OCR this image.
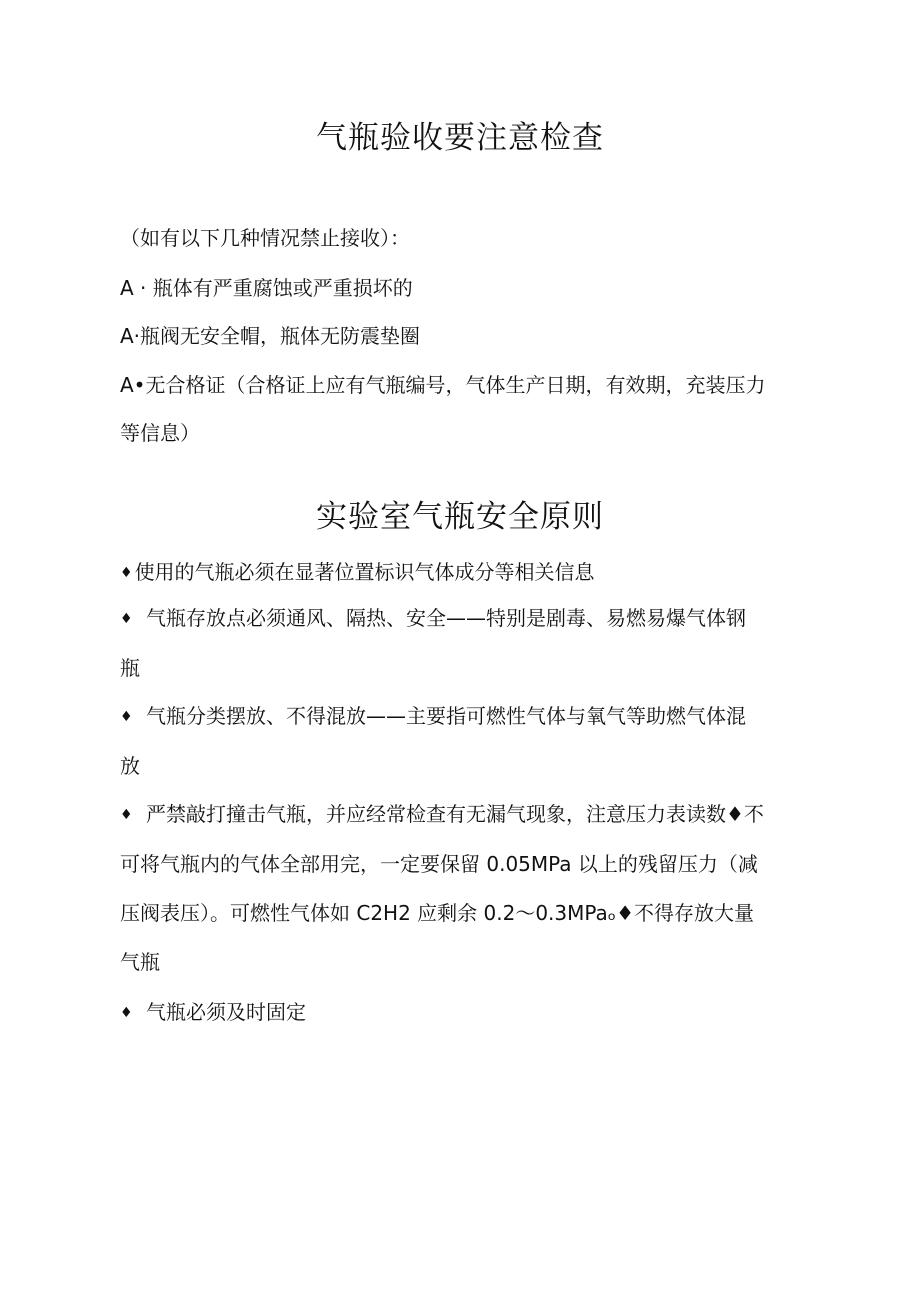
气瓶验收要注意检查

（如有以下几种情况禁止接收）：

A · 瓶体有严重腐蚀或严重损坏的

A·瓶阀无安全帽，瓶体无防震垫圈

A•无合格证（合格证上应有气瓶编号，气体生产日期，有效期，充装压力

等信息）

实验室气瓶安全原则

♦ 使用的气瓶必须在显著位置标识气体成分等相关信息

♦ 气瓶存放点必须通风、隔热、安全——特别是剧毒、易燃易爆气体钢
瓶
♦ 气瓶分类摆放、不得混放——主要指可燃性气体与氧气等助燃气体混
放
♦ 严禁敲打撞击气瓶，并应经常检查有无漏气现象，注意压力表读数♦不
可将气瓶内的气体全部用完，一定要保留 0.05MPa 以上的残留压力（减
压阀表压）。可燃性气体如 C2H2 应剩余 0.2～0.3MPaₒ♦不得存放大量
气瓶
♦ 气瓶必须及时固定
